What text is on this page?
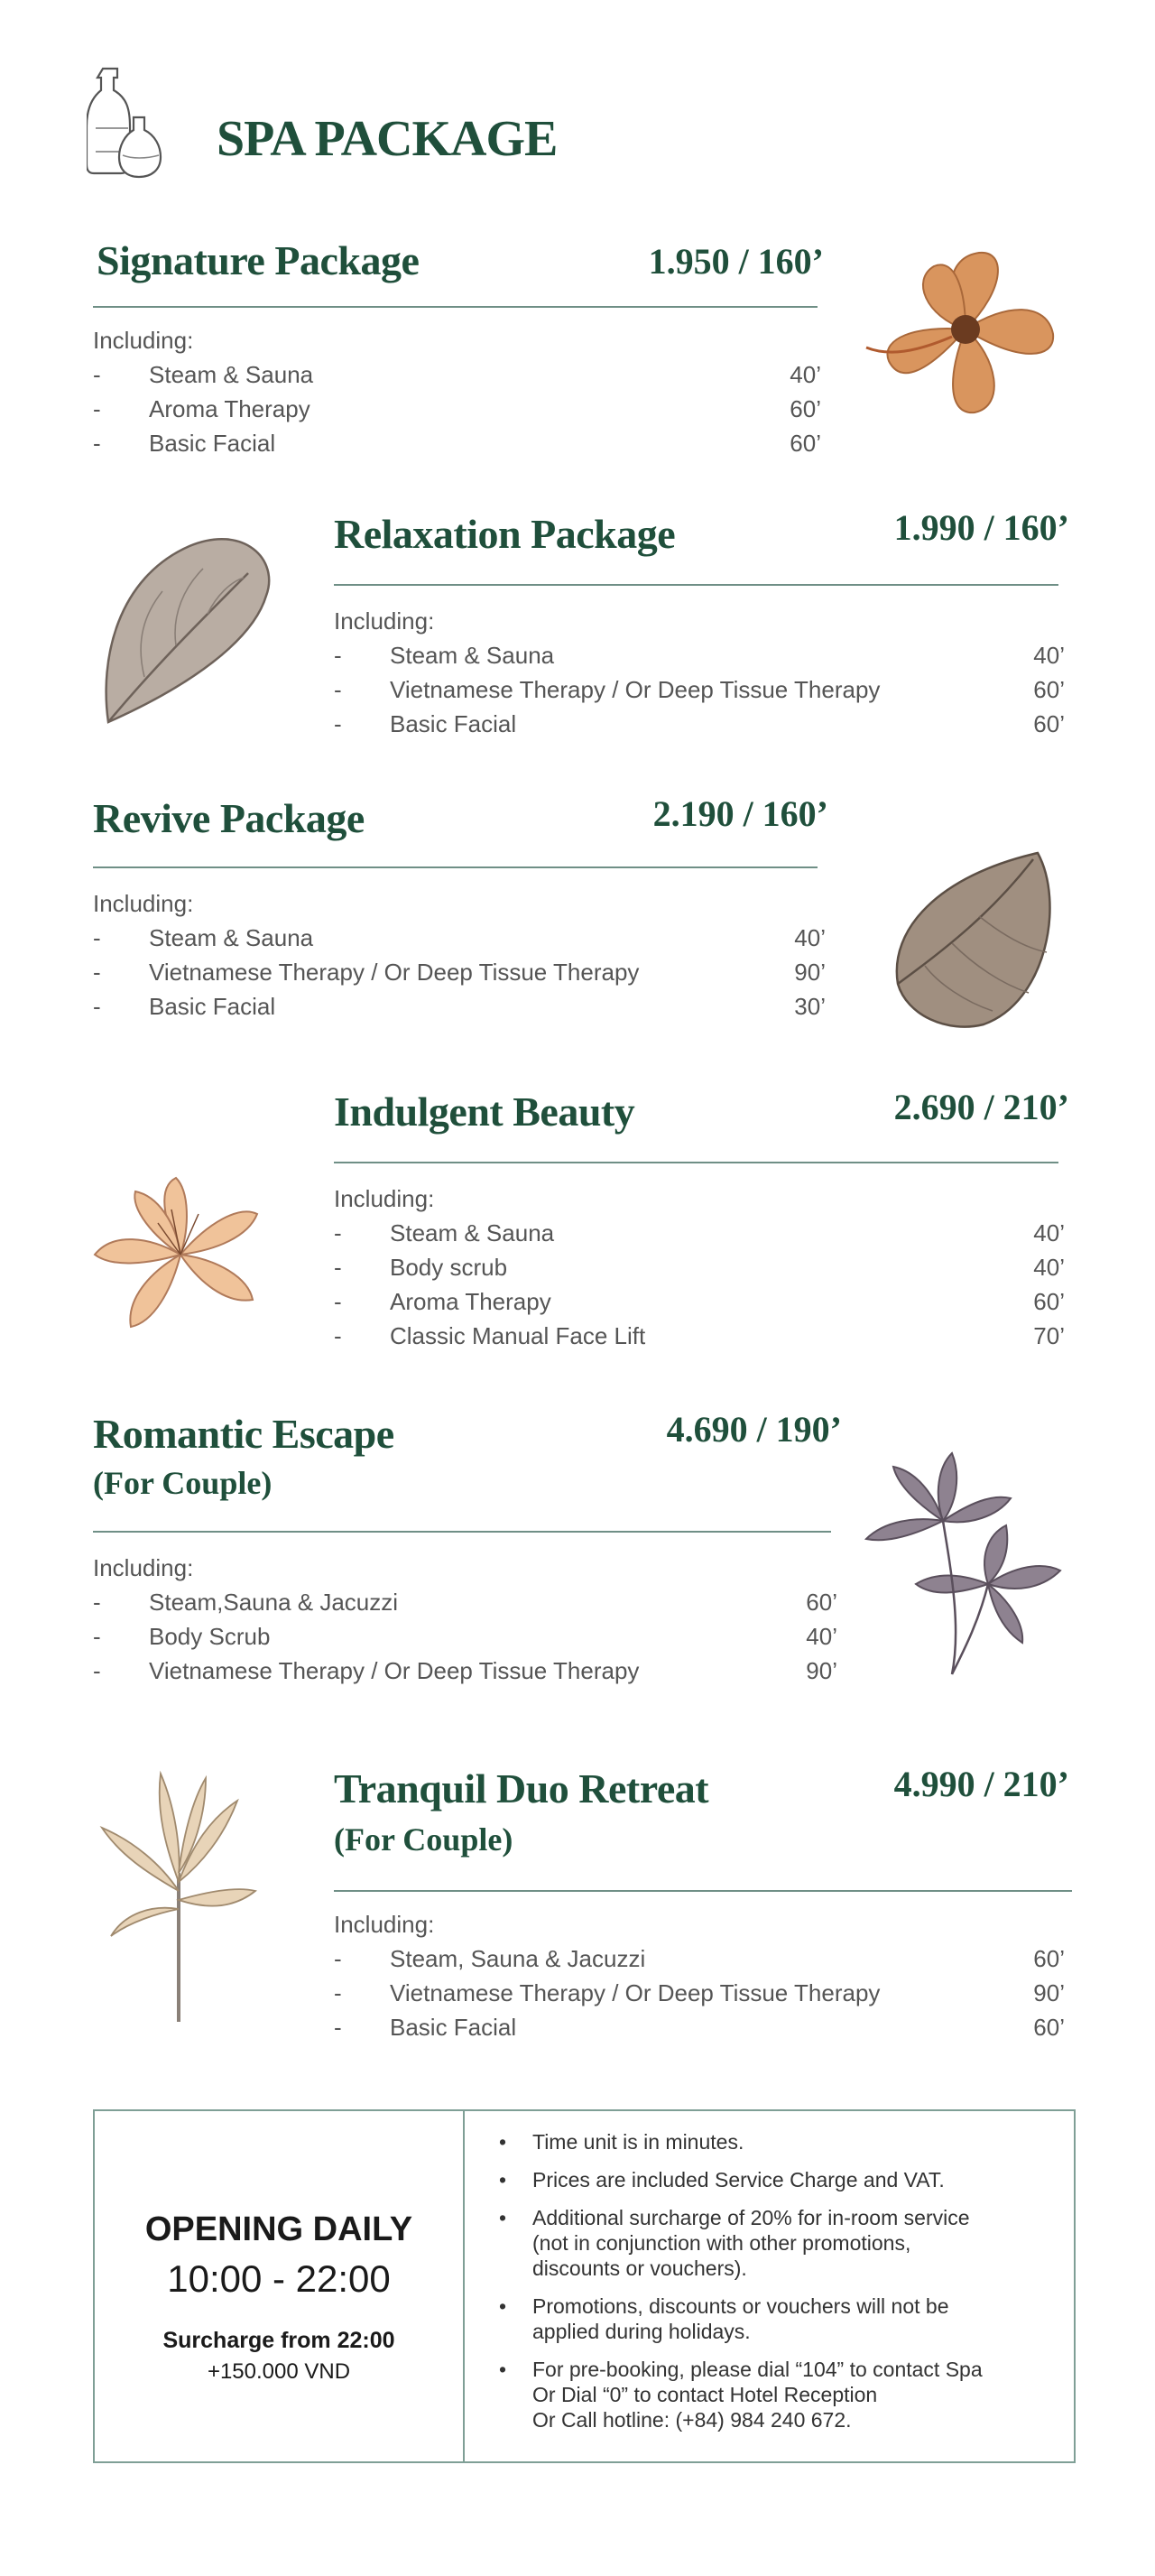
SPA PACKAGE
Signature Package	1.950 / 160’
Including:
- Steam & Sauna	40’
- Aroma Therapy	60’
- Basic Facial	60’
Relaxation Package	1.990 / 160’
Including:
- Steam & Sauna	40’
- Vietnamese Therapy / Or Deep Tissue Therapy	60’
- Basic Facial	60’
Revive Package	2.190 / 160’
Including:
- Steam & Sauna	40’
- Vietnamese Therapy / Or Deep Tissue Therapy	90’
- Basic Facial	30’
Indulgent Beauty	2.690 / 210’
Including:
- Steam & Sauna	40’
- Body scrub	40’
- Aroma Therapy	60’
- Classic Manual Face Lift	70’
Romantic Escape
(For Couple)
4.690 / 190’
Including:
- Steam,Sauna & Jacuzzi	60’
- Body Scrub	40’
- Vietnamese Therapy / Or Deep Tissue Therapy	90’
Tranquil Duo Retreat
(For Couple)
4.990 / 210’
Including:
- Steam, Sauna & Jacuzzi	60’
- Vietnamese Therapy / Or Deep Tissue Therapy	90’
- Basic Facial	60’
OPENING DAILY
10:00 - 22:00
Surcharge from 22:00
+150.000 VND
• Time unit is in minutes.
• Prices are included Service Charge and VAT.
• Additional surcharge of 20% for in-room service
(not in conjunction with other promotions,
discounts or vouchers).
• Promotions, discounts or vouchers will not be
applied during holidays.
• For pre-booking, please dial “104” to contact Spa
Or Dial “0” to contact Hotel Reception
Or Call hotline: (+84) 984 240 672.
